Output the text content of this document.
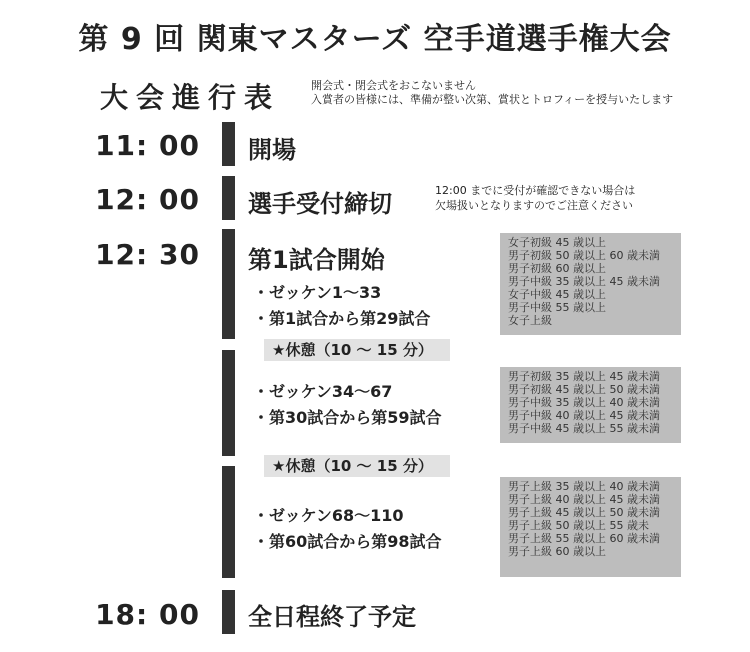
第 9 回 関東マスターズ 空手道選手権大会
大会進行表	開会式・閉会式をおこないません
入賞者の皆様には、準備が整い次第、賞状とトロフィーを授与いたします
11: 00	開場
12: 00	選手受付締切	12:00 までに受付が確認できない場合は
欠場扱いとなりますのでご注意ください
12: 30	第1試合開始
・ゼッケン1〜33
・第1試合から第29試合
女子初級 45 歳以上
男子初級 50 歳以上 60 歳未満
男子初級 60 歳以上
男子中級 35 歳以上 45 歳未満
女子中級 45 歳以上
男子中級 55 歳以上
女子上級
★休憩（10 〜 15 分）
・ゼッケン34〜67
・第30試合から第59試合
男子初級 35 歳以上 45 歳未満
男子初級 45 歳以上 50 歳未満
男子中級 35 歳以上 40 歳未満
男子中級 40 歳以上 45 歳未満
男子中級 45 歳以上 55 歳未満
★休憩（10 〜 15 分）
・ゼッケン68〜110
・第60試合から第98試合
男子上級 35 歳以上 40 歳未満
男子上級 40 歳以上 45 歳未満
男子上級 45 歳以上 50 歳未満
男子上級 50 歳以上 55 歳未
男子上級 55 歳以上 60 歳未満
男子上級 60 歳以上
18: 00	全日程終了予定
